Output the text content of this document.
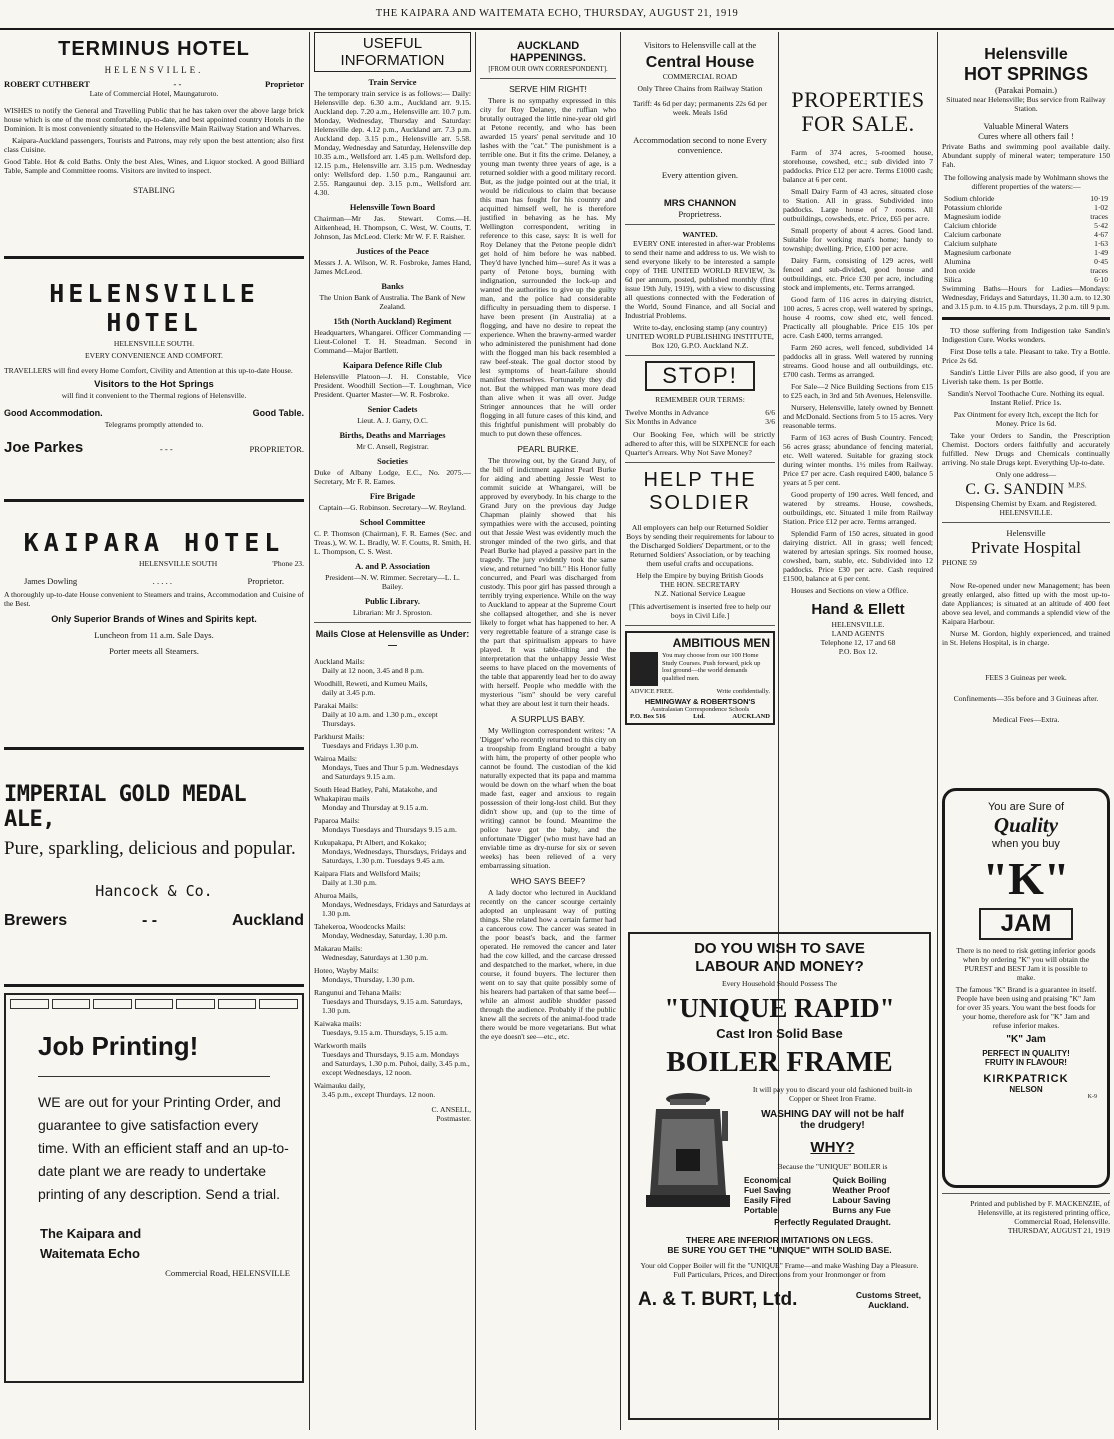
THE KAIPARA AND WAITEMATA ECHO, THURSDAY, AUGUST 21, 1919
TERMINUS HOTEL
HELENSVILLE.
ROBERT CUTHBERT	- -	Proprietor
Late of Commercial Hotel, Maungaturoto.

WISHES to notify the General and Travelling Public that he has taken over the above large brick house which is one of the most comfortable, up-to-date, and best appointed country Hotels in the Dominion. It is most conveniently situated to the Helensville Main Railway Station and Wharves.

Kaipara-Auckland passengers, Tourists and Patrons, may rely upon the best attention; also first class Cuisine.

Good Table. Hot & cold Baths. Only the best Ales, Wines, and Liquor stocked. A good Billiard Table, Sample and Committee rooms. Visitors are invited to inspect.

STABLING
HELENSVILLE HOTEL
HELENSVILLE SOUTH.
EVERY CONVENIENCE AND COMFORT.

TRAVELLERS will find every Home Comfort, Civility and Attention at this up-to-date House.

Visitors to the Hot Springs
will find it convenient to the Thermal regions of Helensville.
Good Accommodation.	Good Table.
Telegrams promptly attended to.
Joe Parkes	- - -	PROPRIETOR.
KAIPARA HOTEL
HELENSVILLE SOUTH	'Phone 23.
James Dowling	. . . . .	Proprietor.

A thoroughly up-to-date House convenient to Steamers and trains, Accommodation and Cuisine of the Best.

Only Superior Brands of Wines and Spirits kept.
Luncheon from 11 a.m. Sale Days.
Porter meets all Steamers.
IMPERIAL GOLD MEDAL ALE,
Pure, sparkling, delicious and popular.
Hancock & Co.
Brewers	- -	Auckland
Job Printing!
WE are out for your Printing Order, and guarantee to give satisfaction every time. With an efficient staff and an up-to-date plant we are ready to undertake printing of any description. Send a trial.
The Kaipara and
Waitemata Echo
Commercial Road, HELENSVILLE
USEFUL INFORMATION
Train Service

The temporary train service is as follows:— Daily: Helensville dep. 6.30 a.m., Auckland arr. 9.15. Auckland dep. 7.20 a.m., Helensville arr. 10.7 p.m. Monday, Wednesday, Thursday and Saturday: Helensville dep. 4.12 p.m., Auckland arr. 7.3 p.m. Auckland dep. 3.15 p.m., Helensville arr. 5.58. Monday, Wednesday and Saturday, Helensville dep 10.35 a.m., Wellsford arr. 1.45 p.m. Wellsford dep. 12.15 p.m., Helensville arr. 3.15 p.m. Wednesday only: Wellsford dep. 1.50 p.m., Rangaunui arr. 2.55. Rangaunui dep. 3.15 p.m., Wellsford arr. 4.30.

Helensville Town Board

Chairman—Mr Jas. Stewart. Coms.—H. Aitkenhead, H. Thompson, C. West, W. Coutts, T. Johnson, Jas McLeod. Clerk: Mr W. F. F. Raisher.

Justices of the Peace

Messrs J. A. Wilson, W. R. Fosbroke, James Hand, James McLeod.

Banks

The Union Bank of Australia. The Bank of New Zealand.

15th (North Auckland) Regiment

Headquarters, Whangarei. Officer Commanding — Lieut-Colonel T. H. Steadman. Second in Command—Major Bartlett.

Kaipara Defence Rifle Club

Helensville Platoon—J. H. Constable, Vice President. Woodhill Section—T. Loughman, Vice President. Quarter Master—W. R. Fosbroke.

Senior Cadets

Lieut. A. J. Garry, O.C.

Births, Deaths and Marriages

Mr C. Ansell, Registrar.

Societies

Duke of Albany Lodge, E.C., No. 2075.—Secretary, Mr F. R. Eames.

Fire Brigade

Captain—G. Robinson. Secretary—W. Reyland.

School Committee

C. P. Thomson (Chairman), F. R. Eames (Sec. and Treas.), W. W. L. Bradly, W. F. Coutts, R. Smith, H. L. Thompson, C. S. West.

A. and P. Association

President—N. W. Rimmer. Secretary—L. L. Bailey.

Public Library.

Librarian: Mr J. Sproston.

Mails Close at Helensville as Under:—
Auckland Mails:
Daily at 12 noon, 3.45 and 8 p.m.
Woodhill, Reweti, and Kumeu Mails,
daily at 3.45 p.m.
Parakai Mails:
Daily at 10 a.m. and 1.30 p.m., except Thursdays.
Parkhurst Mails:
Tuesdays and Fridays 1.30 p.m.
Wairoa Mails:
Mondays, Tues and Thur 5 p.m. Wednesdays and Saturdays 9.15 a.m.
South Head Batley, Pahi, Matakohe, and Whakapirau mails
Monday and Thursday at 9.15 a.m.
Paparoa Mails:
Mondays Tuesdays and Thursdays 9.15 a.m.
Kukupakapa, Pt Albert, and Kokako;
Mondays, Wednesdays, Thursdays, Fridays and Saturdays, 1.30 p.m. Tuesdays 9.45 a.m.
Kaipara Flats and Wellsford Mails;
Daily at 1.30 p.m.
Ahuroa Mails,
Mondays, Wednesdays, Fridays and Saturdays at 1.30 p.m.
Tahekeroa, Woodcocks Mails:
Monday, Wednesday, Saturday, 1.30 p.m.
Makarau Mails:
Wednesday, Saturdays at 1.30 p.m.
Hoteo, Wayby Mails:
Mondays, Thursday, 1.30 p.m.
Rangunui and Tehana Mails:
Tuesdays and Thursdays, 9.15 a.m. Saturdays, 1.30 p.m.
Kaiwaka mails:
Tuesdays, 9.15 a.m. Thursdays, 5.15 a.m.
Warkworth mails
Tuesdays and Thursdays, 9.15 a.m. Mondays and Saturdays, 1.30 p.m. Puhoi, daily, 3.45 p.m., except Wednesdays, 12 noon.
Waimauku daily,
3.45 p.m., except Thurdays. 12 noon.
C. ANSELL,
Postmaster.
AUCKLAND HAPPENINGS.
[FROM OUR OWN CORRESPONDENT].
SERVE HIM RIGHT!

There is no sympathy expressed in this city for Roy Delaney, the ruffian who brutally outraged the little nine-year old girl at Petone recently, and who has been awarded 15 years' penal servitude and 10 lashes with the "cat." The punishment is a terrible one. But it fits the crime. Delaney, a young man twenty three years of age, is a returned soldier with a good military record. But, as the judge pointed out at the trial, it would be ridiculous to claim that because this man has fought for his country and acquitted himself well, he is therefore justified in behaving as he has. My Wellington correspondent, writing in reference to this case, says: It is well for Roy Delaney that the Petone people didn't get hold of him before he was nabbed. They'd have lynched him—sure! As it was a party of Petone boys, burning with indignation, surrounded the lock-up and wanted the authorities to give up the guilty man, and the police had considerable difficulty in persuading them to disperse. I have been present (in Australia) at a flogging, and have no desire to repeat the experience. When the brawny-armed warder who administered the punishment had done with the flogged man his back resembled a raw beef-steak. The goal doctor stood by lest symptoms of heart-failure should manifest themselves. Fortunately they did not. But the whipped man was more dead than alive when it was all over. Judge Stringer announces that he will order flogging in all future cases of this kind, and this frightful punishment will probably do much to put down these offences.

PEARL BURKE.

The throwing out, by the Grand Jury, of the bill of indictment against Pearl Burke for aiding and abetting Jessie West to commit suicide at Whangarei, will be approved by everybody. In his charge to the Grand Jury on the previous day Judge Chapman plainly showed that his sympathies were with the accused, pointing out that Jessie West was evidently much the stronger minded of the two girls, and that Pearl Burke had played a passive part in the tragedy. The jury evidently took the same view, and returned "no bill." His Honor fully concurred, and Pearl was discharged from custody. This poor girl has passed through a terribly trying experience. While on the way to Auckland to appear at the Supreme Court she collapsed altogether, and she is never likely to forget what has happened to her. A very regrettable feature of a strange case is the part that spiritualism appears to have played. It was table-tilting and the interpretation that the unhappy Jessie West seems to have placed on the movements of the table that apparently lead her to do away with herself. People who meddle with the mysterious "ism" should be very careful what they are about lest it turn their heads.

A SURPLUS BABY.

My Wellington correspondent writes: "A 'Digger' who recently returned to this city on a troopship from England brought a baby with him, the property of other people who cannot be found. The custodian of the kid naturally expected that its papa and mamma would be down on the wharf when the boat made fast, eager and anxious to regain possession of their long-lost child. But they didn't show up, and (up to the time of writing) cannot be found. Meantime the police have got the baby, and the unfortunate 'Digger' (who must have had an enviable time as dry-nurse for six or seven weeks) has been relieved of a very embarrassing situation.

WHO SAYS BEEF?

A lady doctor who lectured in Auckland recently on the cancer scourge certainly adopted an unpleasant way of putting things. She related how a certain farmer had a cancerous cow. The cancer was seated in the poor beast's back, and the farmer operated. He removed the cancer and later had the cow killed, and the carcase dressed and despatched to the market, where, in due course, it found buyers. The lecturer then went on to say that quite possibly some of his hearers had partaken of that same beef—while an almost audible shudder passed through the audience. Probably if the public knew all the secrets of the animal-food trade there would be more vegetarians. But what the eye doesn't see—etc., etc.

Visitors to Helensville call at the
Central House
COMMERCIAL ROAD
Only Three Chains from Railway Station
Tariff: 4s 6d per day; permanents 22s 6d per week. Meals 1s6d
Accommodation second to none Every convenience.
Every attention given.
MRS CHANNON
Proprietress.
WANTED.

EVERY ONE interested in after-war Problems to send their name and address to us. We wish to send everyone likely to be interested a sample copy of THE UNITED WORLD REVIEW, 3s 6d per annum, posted, published monthly (first issue 19th July, 1919), with a view to discussing all questions connected with the Federation of the World, Sound Finance, and all Social and Industrial Problems.

Write to-day, enclosing stamp (any country)
UNITED WORLD PUBLISHING INSTITUTE,
Box 120, G.P.O. Auckland N.Z.
STOP!
REMEMBER OUR TERMS:
Twelve Months in Advance	6/6
Six Months in Advance	3/6

Our Booking Fee, which will be strictly adhered to after this, will be SIXPENCE for each Quarter's Arrears. Why Not Save Money?

HELP THE SOLDIER

All employers can help our Returned Soldier Boys by sending their requirements for labour to the Discharged Soldiers' Department, or to the Returned Soldiers' Association, or by teaching them useful crafts and occupations.

Help the Empire by buying British Goods
THE HON. SECRETARY
N.Z. National Service League
[This advertisement is inserted free to help our boys in Civil Life.]
AMBITIOUS MEN
You may choose from our 100 Home Study Courses. Push forward, pick up lost ground—the world demands qualified men.
ADVICE FREE.	Write confidentially.
HEMINGWAY & ROBERTSON'S
Australasian Correspondence Schools
P.O. Box 516	Ltd.	AUCKLAND
PROPERTIES FOR SALE.

Farm of 374 acres, 5-roomed house, storehouse, cowshed, etc.; sub divided into 7 paddocks. Price £12 per acre. Terms £1000 cash; balance at 6 per cent.

Small Dairy Farm of 43 acres, situated close to Station. All in grass. Subdivided into paddocks. Large house of 7 rooms. All outbuildings, cowsheds, etc. Price, £65 per acre.

Small property of about 4 acres. Good land. Suitable for working man's home; handy to township; dwelling. Price, £100 per acre.

Dairy Farm, consisting of 129 acres, well fenced and sub-divided, good house and outbuildings, etc. Price £30 per acre, including stock and implements, etc. Terms arranged.

Good farm of 116 acres in dairying district, 100 acres, 5 acres crop, well watered by springs, house 4 rooms, cow shed etc, well fenced. Practically all ploughable. Price £15 10s per acre. Cash £400, terms arranged.

Farm 260 acres, well fenced, subdivided 14 paddocks all in grass. Well watered by running streams. Good house and all outbuildings, etc. £700 cash. Terms as arranged.

For Sale—2 Nice Building Sections from £15 to £25 each, in 3rd and 5th Avenues, Helensville.

Nursery, Helensville, lately owned by Bennett and McDonald. Sections from 5 to 15 acres. Very reasonable terms.

Farm of 163 acres of Bush Country. Fenced; 56 acres grass; abundance of fencing material, etc. Well watered. Suitable for grazing stock during winter months. 1½ miles from Railway. Price £7 per acre. Cash required £400, balance 5 years at 5 per cent.

Good property of 190 acres. Well fenced, and watered by streams. House, cowsheds, outbuildings, etc. Situated 1 mile from Railway Station. Price £12 per acre. Terms arranged.

Splendid Farm of 150 acres, situated in good dairying district. All in grass; well fenced; watered by artesian springs. Six roomed house, cowshed, barn, stable, etc. Subdivided into 12 paddocks. Price £30 per acre. Cash required £1500, balance at 6 per cent.

Houses and Sections on view a Office.

Hand & Ellett
HELENSVILLE.
LAND AGENTS
Telephone 12, 17 and 68
P.O. Box 12.
DO YOU WISH TO SAVE
LABOUR AND MONEY?
Every Household Should Possess The
"UNIQUE RAPID"
Cast Iron Solid Base
BOILER FRAME
It will pay you to discard your old fashioned built-in Copper or Sheet Iron Frame.
WASHING DAY will not be half
the drudgery!
WHY?
Because the "UNIQUE" BOILER is
Economical	Quick Boiling
Fuel Saving	Weather Proof
Easily Fired	Labour Saving
Portable	Burns any Fue
Perfectly Regulated Draught.
THERE ARE INFERIOR IMITATIONS ON LEGS.
BE SURE YOU GET THE "UNIQUE" WITH SOLID BASE.
Your old Copper Boiler will fit the "UNIQUE" Frame—and make Washing Day a Pleasure. Full Particulars, Prices, and Directions from your Ironmonger or from
A. & T. BURT, Ltd.	Customs Street,
Auckland.
Helensville
HOT SPRINGS
(Parakai Pomain.)
Situated near Helensville; Bus service from Railway Station.
Valuable Mineral Waters
Cures where all others fail !

Private Baths and swimming pool available daily. Abundant supply of mineral water; temperature 150 Fah.

The following analysis made by Wohlmann shows the different properties of the waters:—

Sodium chloride	10·19
Potassium chloride	1·02
Magnesium iodide	traces
Calcium chloride	5·42
Calcium carbonate	4·67
Calcium sulphate	1·63
Magnesium carbonate	1·49
Alumina	0·45
Iron oxide	traces
Silica	6·10

Swimming Baths—Hours for Ladies—Mondays: Wednesday, Fridays and Saturdays, 11.30 a.m. to 12.30 and 3.15 p.m. to 4.15 p.m. Thursdays, 2 p.m. till 9 p.m.

TO those suffering from Indigestion take Sandin's Indigestion Cure. Works wonders.

First Dose tells a tale. Pleasant to take. Try a Bottle. Price 2s 6d.

Sandin's Little Liver Pills are also good, if you are Liverish take them. 1s per Bottle.

Sandin's Nervol Toothache Cure. Nothing its equal. Instant Relief. Price 1s.

Pax Ointment for every Itch, except the Itch for Money. Price 1s 6d.

Take your Orders to Sandin, the Prescription Chemist. Doctors orders faithfully and accurately fulfilled. New Drugs and Chemicals continually arriving. No stale Drugs kept. Everything Up-to-date.

Only one address—
C. G. SANDIN $^{M.P.S.}$
Dispensing Chemist by Exam. and Registered.
HELENSVILLE.
Helensville
Private Hospital
PHONE 59

Now Re-opened under new Management; has been greatly enlarged, also fitted up with the most up-to-date Appliances; is situated at an altitude of 400 feet above sea level, and commands a splendid view of the Kaipara Harbour.

Nurse M. Gordon, highly experienced, and trained in St. Helens Hospital, is in charge.

FEES 3 Guineas per week.
Confinements—35s before and 3 Guineas after.
Medical Fees—Extra.
You are Sure of
Quality
when you buy
"K"
JAM

There is no need to risk getting inferior goods when by ordering "K" you will obtain the PUREST and BEST Jam it is possible to make.

The famous "K" Brand is a guarantee in itself. People have been using and praising "K" Jam for over 35 years. You want the best foods for your home, therefore ask for "K" Jam and refuse inferior makes.

"K" Jam
PERFECT IN QUALITY!
FRUITY IN FLAVOUR!
KIRKPATRICK
NELSON
K-9
Printed and published by F. MACKENZIE, of Helensville, at its registered printing office, Commercial Road, Helensville.
THURSDAY, AUGUST 21, 1919
